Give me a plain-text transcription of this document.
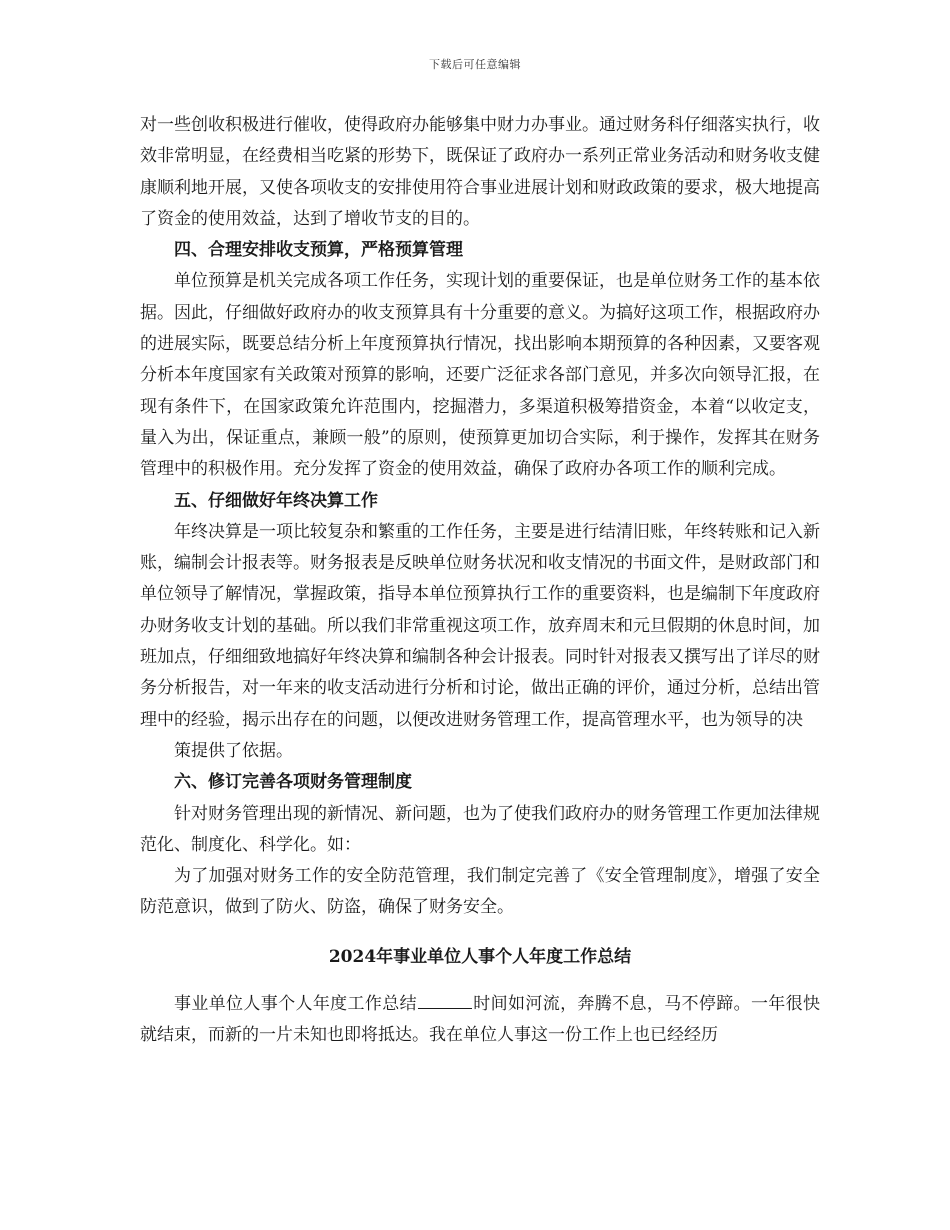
下载后可任意编辑

对一些创收积极进行催收，使得政府办能够集中财力办事业。通过财务科仔细落实执行，收效非常明显，在经费相当吃紧的形势下，既保证了政府办一系列正常业务活动和财务收支健康顺利地开展，又使各项收支的安排使用符合事业进展计划和财政政策的要求，极大地提高了资金的使用效益，达到了增收节支的目的。

四、合理安排收支预算，严格预算管理

单位预算是机关完成各项工作任务，实现计划的重要保证，也是单位财务工作的基本依据。因此，仔细做好政府办的收支预算具有十分重要的意义。为搞好这项工作，根据政府办的进展实际，既要总结分析上年度预算执行情况，找出影响本期预算的各种因素，又要客观分析本年度国家有关政策对预算的影响，还要广泛征求各部门意见，并多次向领导汇报，在现有条件下，在国家政策允许范围内，挖掘潜力，多渠道积极筹措资金，本着“以收定支，量入为出，保证重点，兼顾一般”的原则，使预算更加切合实际，利于操作，发挥其在财务管理中的积极作用。充分发挥了资金的使用效益，确保了政府办各项工作的顺利完成。

五、仔细做好年终决算工作

年终决算是一项比较复杂和繁重的工作任务，主要是进行结清旧账，年终转账和记入新账，编制会计报表等。财务报表是反映单位财务状况和收支情况的书面文件，是财政部门和单位领导了解情况，掌握政策，指导本单位预算执行工作的重要资料，也是编制下年度政府办财务收支计划的基础。所以我们非常重视这项工作，放弃周末和元旦假期的休息时间，加班加点，仔细细致地搞好年终决算和编制各种会计报表。同时针对报表又撰写出了详尽的财务分析报告，对一年来的收支活动进行分析和讨论，做出正确的评价，通过分析，总结出管理中的经验，揭示出存在的问题，以便改进财务管理工作，提高管理水平，也为领导的决

策提供了依据。

六、修订完善各项财务管理制度

针对财务管理出现的新情况、新问题，也为了使我们政府办的财务管理工作更加法律规范化、制度化、科学化。如：

为了加强对财务工作的安全防范管理，我们制定完善了《安全管理制度》，增强了安全防范意识，做到了防火、防盗，确保了财务安全。

2024年事业单位人事个人年度工作总结

事业单位人事个人年度工作总结	时间如河流，奔腾不息，马不停蹄。一年很快就结束，而新的一片未知也即将抵达。我在单位人事这一份工作上也已经经历
